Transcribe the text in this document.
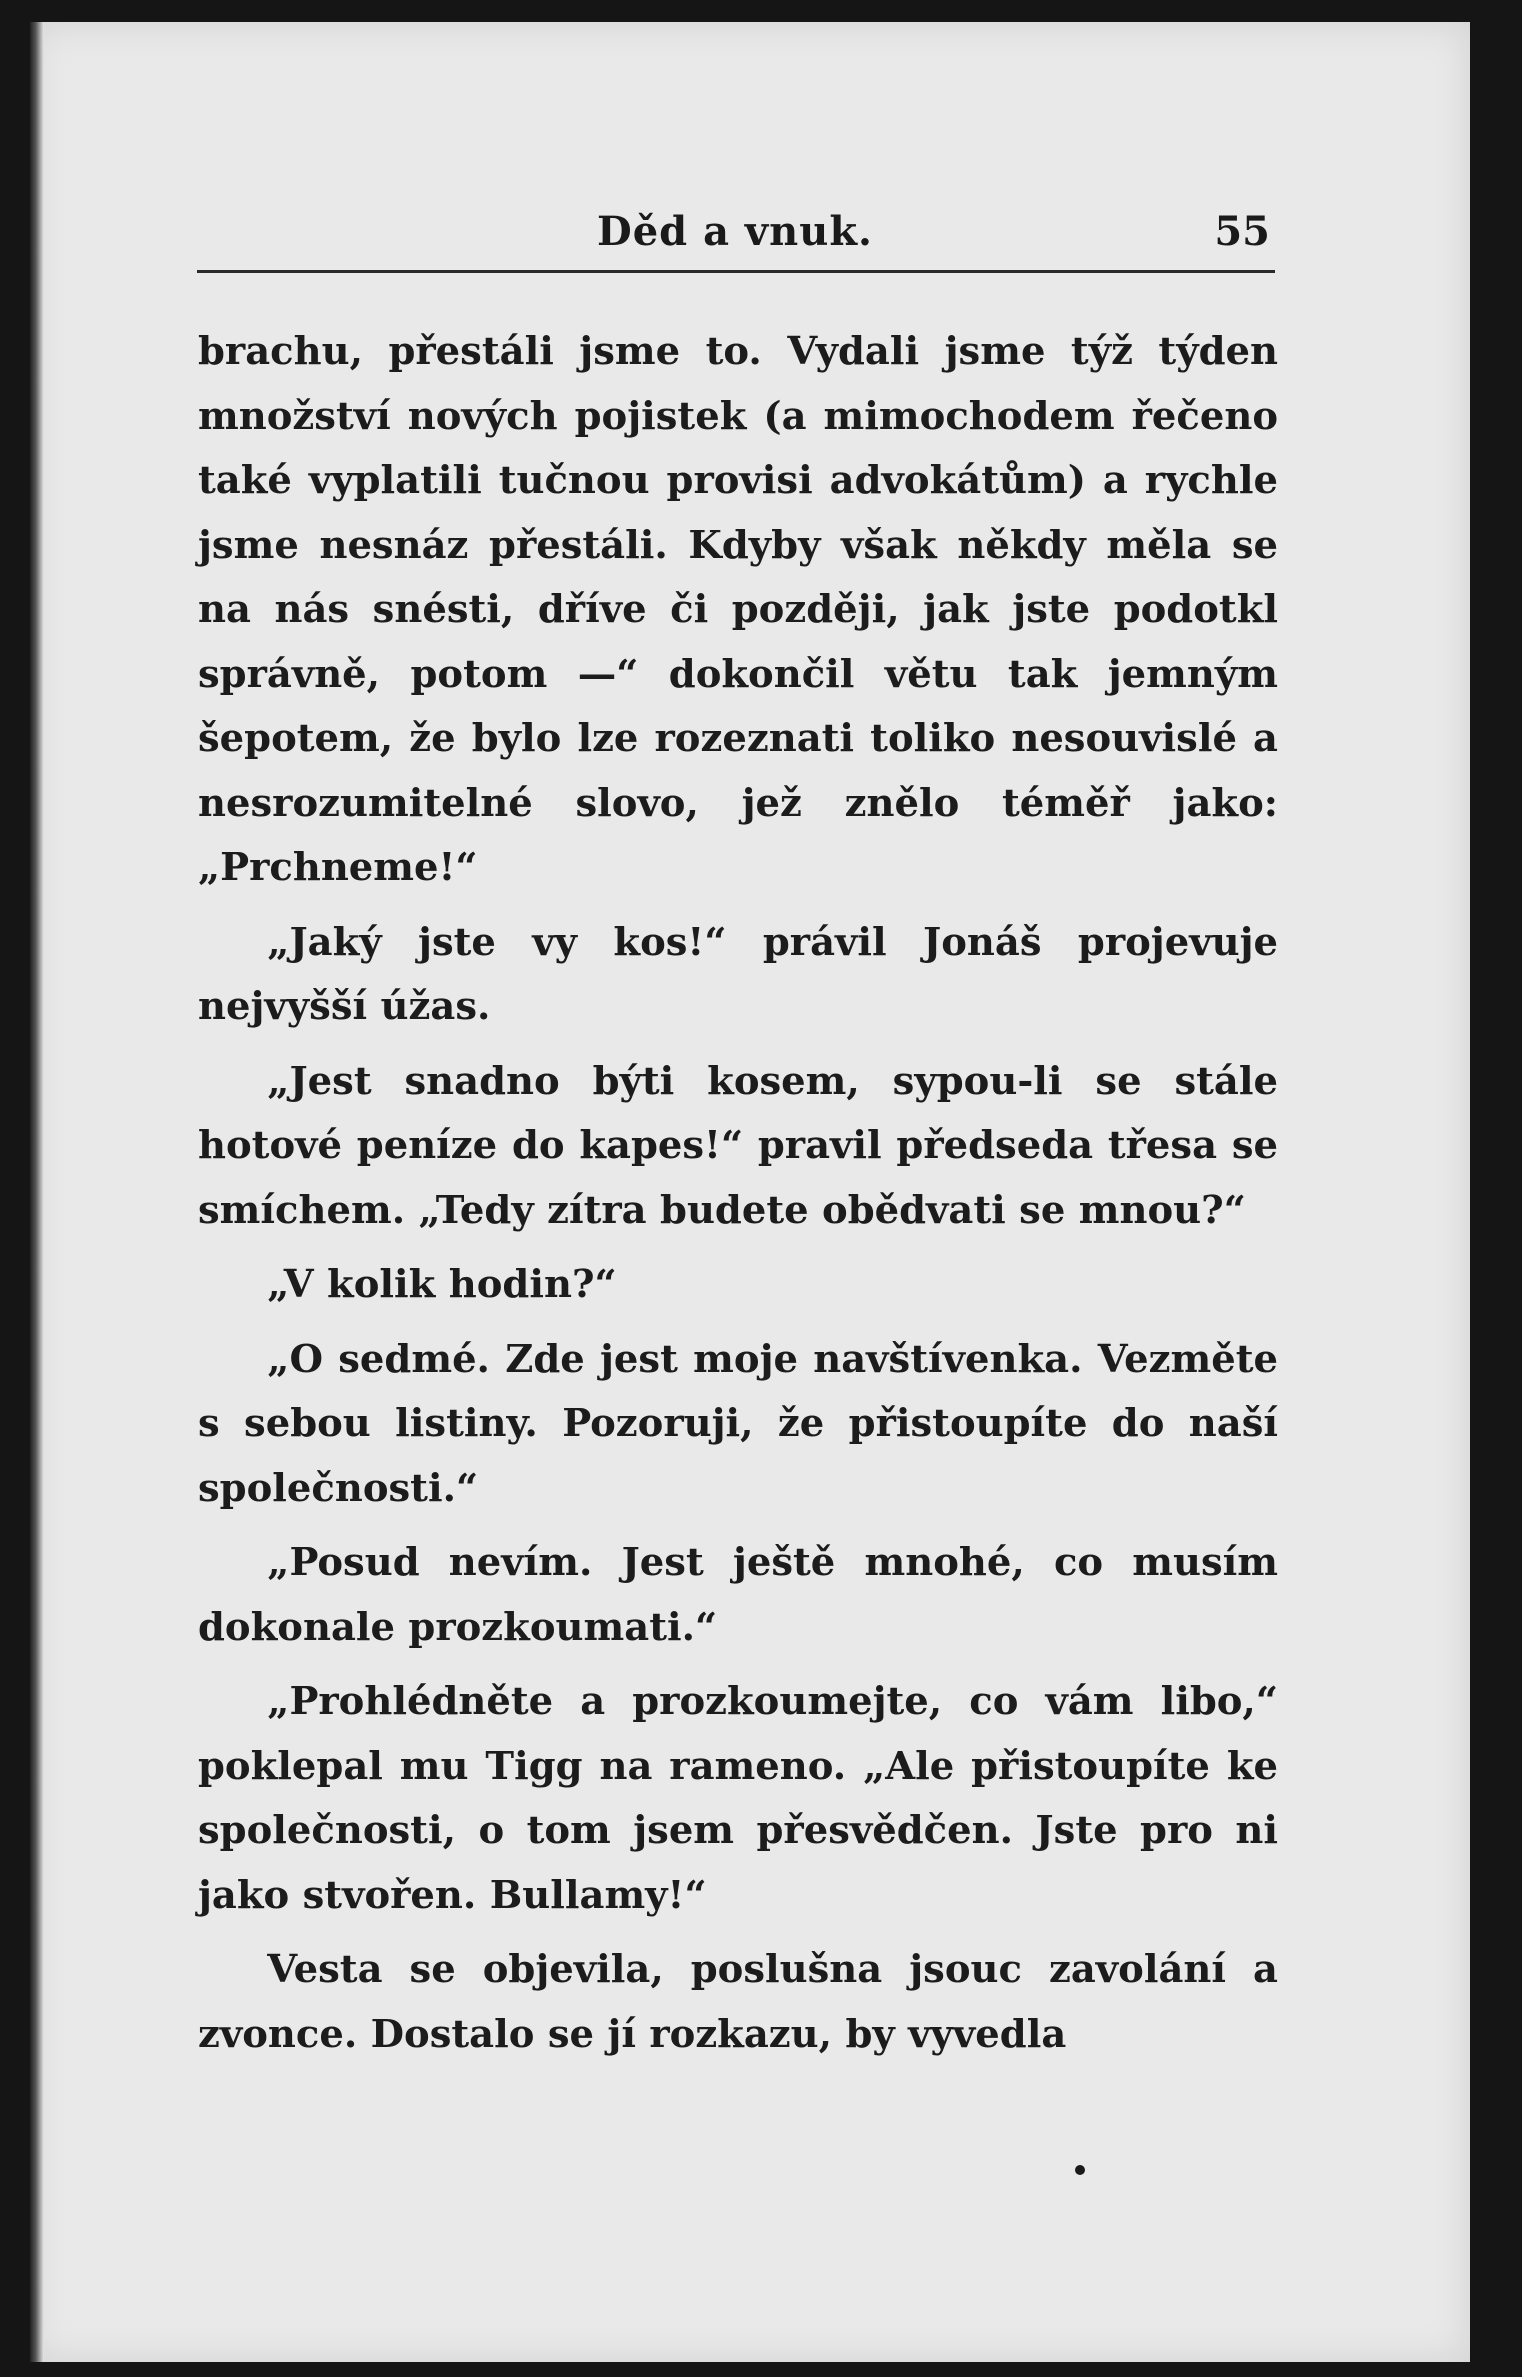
Děd a vnuk.	55

brachu, přestáli jsme to. Vydali jsme týž týden množství nových pojistek (a mimochodem řečeno také vyplatili tučnou provisi advokátům) a rychle jsme nesnáz přestáli. Kdyby však někdy měla se na nás snésti, dříve či později, jak jste podotkl správně, potom —“ dokončil větu tak jemným šepotem, že bylo lze rozeznati toliko nesouvislé a nesrozumitelné slovo, jež znělo téměř jako: „Prchneme!“

„Jaký jste vy kos!“ právil Jonáš projevuje nejvyšší úžas.

„Jest snadno býti kosem, sypou-li se stále hotové peníze do kapes!“ pravil předseda třesa se smíchem. „Tedy zítra budete obědvati se mnou?“

„V kolik hodin?“

„O sedmé. Zde jest moje navštívenka. Vezměte s sebou listiny. Pozoruji, že přistoupíte do naší společnosti.“

„Posud nevím. Jest ještě mnohé, co musím dokonale prozkoumati.“

„Prohlédněte a prozkoumejte, co vám libo,“ poklepal mu Tigg na rameno. „Ale přistoupíte ke společnosti, o tom jsem přesvědčen. Jste pro ni jako stvořen. Bullamy!“

Vesta se objevila, poslušna jsouc zavolání a zvonce. Dostalo se jí rozkazu, by vyvedla
